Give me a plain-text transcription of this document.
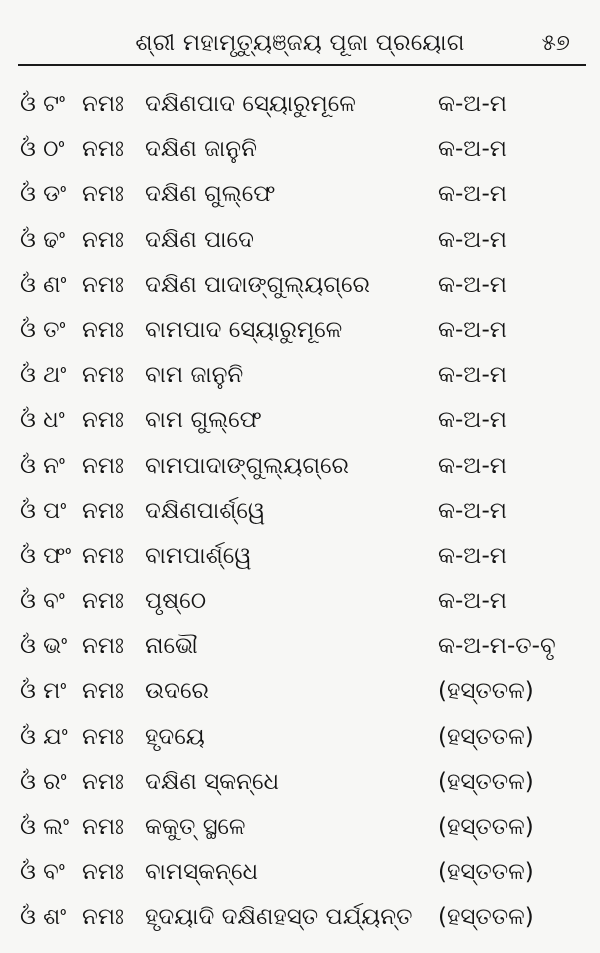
ଶ୍ରୀ ମହାମୃତ୍ୟୁଞ୍ଜୟ ପୂଜା ପ୍ରୟୋଗ	୫୭
ଓଁ ଟଂ ନମଃ ଦକ୍ଷିଣପାଦ ସ୍ୟୋରୁମୂଳେ	କ-ଅ-ମ
ଓଁ ଠଂ ନମଃ ଦକ୍ଷିଣ ଜାନୁନି	କ-ଅ-ମ
ଓଁ ଡଂ ନମଃ ଦକ୍ଷିଣ ଗୁଲ୍‌ଫେ	କ-ଅ-ମ
ଓଁ ଢଂ ନମଃ ଦକ୍ଷିଣ ପାଦେ	କ-ଅ-ମ
ଓଁ ଣଂ ନମଃ ଦକ୍ଷିଣ ପାଦାଙ୍ଗୁଲ୍ୟଗ୍ରେ	କ-ଅ-ମ
ଓଁ ତଂ ନମଃ ବାମପାଦ ସ୍ୟୋରୁମୂଳେ	କ-ଅ-ମ
ଓଁ ଥଂ ନମଃ ବାମ ଜାନୁନି	କ-ଅ-ମ
ଓଁ ଧଂ ନମଃ ବାମ ଗୁଲ୍‌ଫେ	କ-ଅ-ମ
ଓଁ ନଂ ନମଃ ବାମପାଦାଙ୍ଗୁଲ୍ୟଗ୍ରେ	କ-ଅ-ମ
ଓଁ ପଂ ନମଃ ଦକ୍ଷିଣପାର୍ଶ୍ୱେ	କ-ଅ-ମ
ଓଁ ଫଂ ନମଃ ବାମପାର୍ଶ୍ୱେ	କ-ଅ-ମ
ଓଁ ବଂ ନମଃ ପୃଷ୍ଠେ	କ-ଅ-ମ
ଓଁ ଭଂ ନମଃ ନାଭୌ	କ-ଅ-ମ-ତ-ବୃ
ଓଁ ମଂ ନମଃ ଉଦରେ	(ହସ୍ତତଳ)
ଓଁ ଯଂ ନମଃ ହୃଦୟେ	(ହସ୍ତତଳ)
ଓଁ ରଂ ନମଃ ଦକ୍ଷିଣ ସ୍କନ୍ଧେ	(ହସ୍ତତଳ)
ଓଁ ଲଂ ନମଃ କକୁତ୍ ସ୍ଥଳେ	(ହସ୍ତତଳ)
ଓଁ ବଂ ନମଃ ବାମସ୍କନ୍ଧେ	(ହସ୍ତତଳ)
ଓଁ ଶଂ ନମଃ ହୃଦୟାଦି ଦକ୍ଷିଣହସ୍ତ ପର୍ଯ୍ୟନ୍ତ (ହସ୍ତତଳ)
